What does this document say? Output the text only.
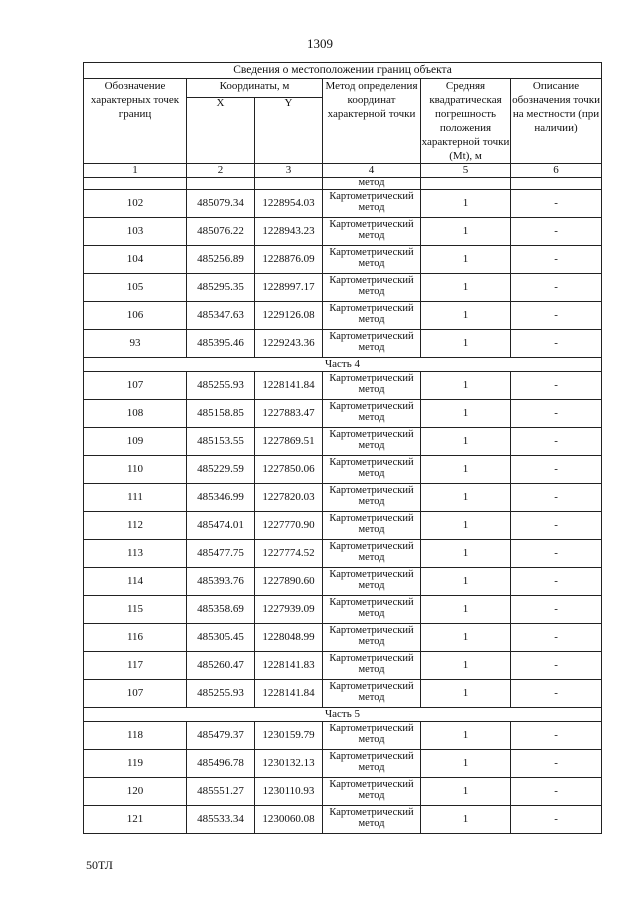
1309
Сведения о местоположении границ объекта					
Обозначение характерных точек границ	Координаты, м		Метод определения координат характерной точки	Средняя квадратическая погрешность положения характерной точки (Mt), м	Описание обозначения точки на местности (при наличии)
	X	Y			
1	2	3	4	5	6
			метод		
102	485079.34	1228954.03	Картометрический метод	1	-
103	485076.22	1228943.23	Картометрический метод	1	-
104	485256.89	1228876.09	Картометрический метод	1	-
105	485295.35	1228997.17	Картометрический метод	1	-
106	485347.63	1229126.08	Картометрический метод	1	-
93	485395.46	1229243.36	Картометрический метод	1	-
Часть 4					
107	485255.93	1228141.84	Картометрический метод	1	-
108	485158.85	1227883.47	Картометрический метод	1	-
109	485153.55	1227869.51	Картометрический метод	1	-
110	485229.59	1227850.06	Картометрический метод	1	-
111	485346.99	1227820.03	Картометрический метод	1	-
112	485474.01	1227770.90	Картометрический метод	1	-
113	485477.75	1227774.52	Картометрический метод	1	-
114	485393.76	1227890.60	Картометрический метод	1	-
115	485358.69	1227939.09	Картометрический метод	1	-
116	485305.45	1228048.99	Картометрический метод	1	-
117	485260.47	1228141.83	Картометрический метод	1	-
107	485255.93	1228141.84	Картометрический метод	1	-
Часть 5					
118	485479.37	1230159.79	Картометрический метод	1	-
119	485496.78	1230132.13	Картометрический метод	1	-
120	485551.27	1230110.93	Картометрический метод	1	-
121	485533.34	1230060.08	Картометрический метод	1	-
50ТЛ
